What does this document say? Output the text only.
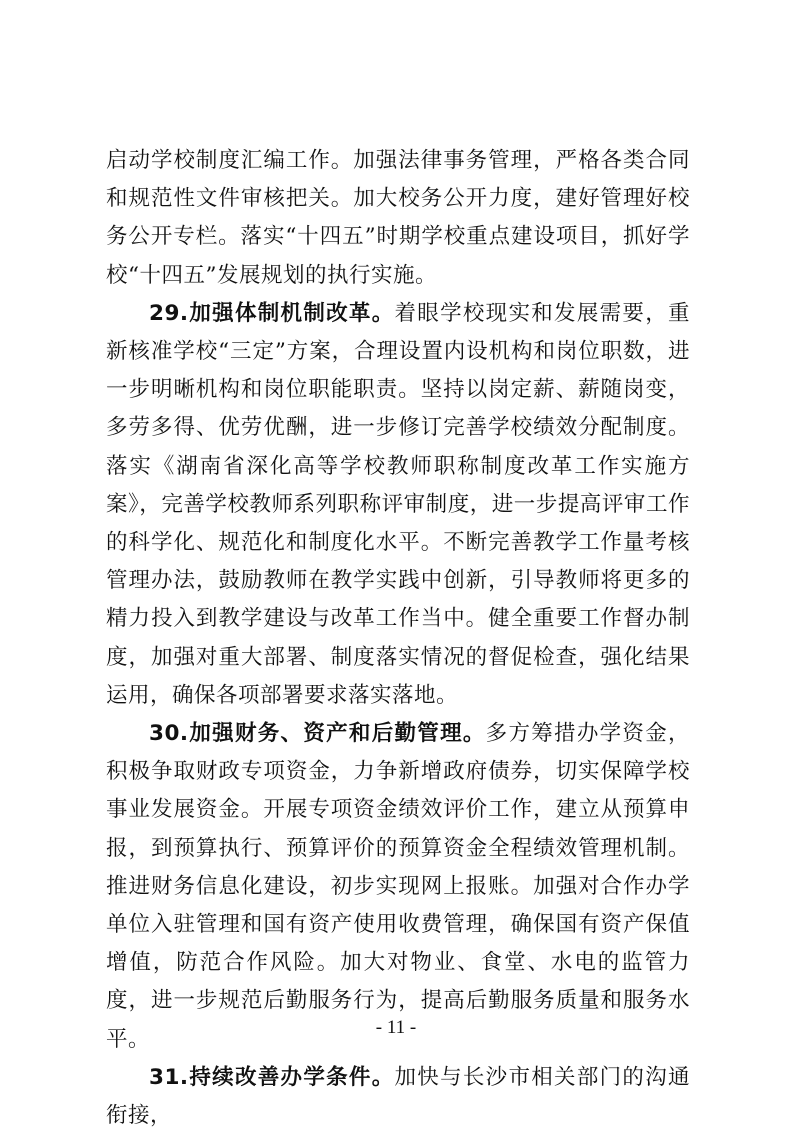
启动学校制度汇编工作。加强法律事务管理，严格各类合同和规范性文件审核把关。加大校务公开力度，建好管理好校务公开专栏。落实“十四五”时期学校重点建设项目，抓好学校“十四五”发展规划的执行实施。

29.加强体制机制改革。着眼学校现实和发展需要，重新核准学校“三定”方案，合理设置内设机构和岗位职数，进一步明晰机构和岗位职能职责。坚持以岗定薪、薪随岗变，多劳多得、优劳优酬，进一步修订完善学校绩效分配制度。落实《湖南省深化高等学校教师职称制度改革工作实施方案》，完善学校教师系列职称评审制度，进一步提高评审工作的科学化、规范化和制度化水平。不断完善教学工作量考核管理办法，鼓励教师在教学实践中创新，引导教师将更多的精力投入到教学建设与改革工作当中。健全重要工作督办制度，加强对重大部署、制度落实情况的督促检查，强化结果运用，确保各项部署要求落实落地。

30.加强财务、资产和后勤管理。多方筹措办学资金，积极争取财政专项资金，力争新增政府债券，切实保障学校事业发展资金。开展专项资金绩效评价工作，建立从预算申报，到预算执行、预算评价的预算资金全程绩效管理机制。推进财务信息化建设，初步实现网上报账。加强对合作办学单位入驻管理和国有资产使用收费管理，确保国有资产保值增值，防范合作风险。加大对物业、食堂、水电的监管力度，进一步规范后勤服务行为，提高后勤服务质量和服务水平。

31.持续改善办学条件。加快与长沙市相关部门的沟通衔接，

- 11 -
